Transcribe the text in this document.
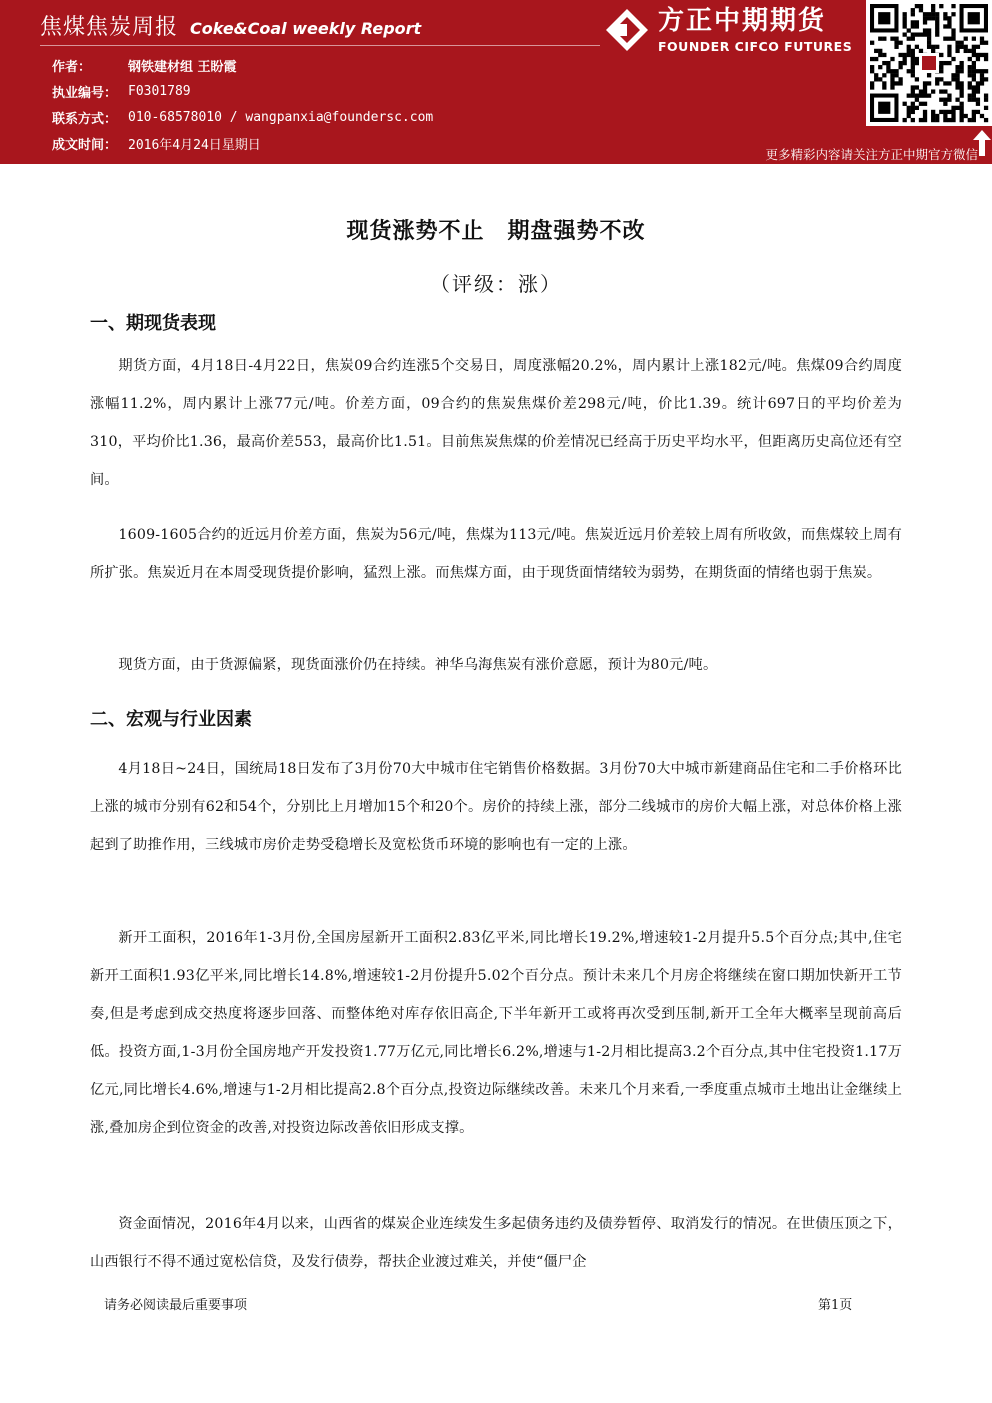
焦煤焦炭周报 Coke&Coal weekly Report
作者：	钢铁建材组 王盼霞
执业编号： F0301789
联系方式： 010-68578010 / wangpanxia@foundersc.com
成文时间： 2016年4月24日星期日
方正中期期货
FOUNDER CIFCO FUTURES
更多精彩内容请关注方正中期官方微信
现货涨势不止　期盘强势不改
（评级：涨）
一、期现货表现
期货方面，4月18日-4月22日，焦炭09合约连涨5个交易日，周度涨幅20.2%，周内累计上涨182元/吨。焦煤09合约周度涨幅11.2%，周内累计上涨77元/吨。价差方面，09合约的焦炭焦煤价差298元/吨，价比1.39。统计697日的平均价差为310，平均价比1.36，最高价差553，最高价比1.51。目前焦炭焦煤的价差情况已经高于历史平均水平，但距离历史高位还有空间。
1609-1605合约的近远月价差方面，焦炭为56元/吨，焦煤为113元/吨。焦炭近远月价差较上周有所收敛，而焦煤较上周有所扩张。焦炭近月在本周受现货提价影响，猛烈上涨。而焦煤方面，由于现货面情绪较为弱势，在期货面的情绪也弱于焦炭。
现货方面，由于货源偏紧，现货面涨价仍在持续。神华乌海焦炭有涨价意愿，预计为80元/吨。
二、宏观与行业因素
4月18日~24日，国统局18日发布了3月份70大中城市住宅销售价格数据。3月份70大中城市新建商品住宅和二手价格环比上涨的城市分别有62和54个，分别比上月增加15个和20个。房价的持续上涨，部分二线城市的房价大幅上涨，对总体价格上涨起到了助推作用，三线城市房价走势受稳增长及宽松货币环境的影响也有一定的上涨。
新开工面积，2016年1-3月份,全国房屋新开工面积2.83亿平米,同比增长19.2%,增速较1-2月提升5.5个百分点;其中,住宅新开工面积1.93亿平米,同比增长14.8%,增速较1-2月份提升5.02个百分点。预计未来几个月房企将继续在窗口期加快新开工节奏,但是考虑到成交热度将逐步回落、而整体绝对库存依旧高企,下半年新开工或将再次受到压制,新开工全年大概率呈现前高后低。投资方面,1-3月份全国房地产开发投资1.77万亿元,同比增长6.2%,增速与1-2月相比提高3.2个百分点,其中住宅投资1.17万亿元,同比增长4.6%,增速与1-2月相比提高2.8个百分点,投资边际继续改善。未来几个月来看,一季度重点城市土地出让金继续上涨,叠加房企到位资金的改善,对投资边际改善依旧形成支撑。
资金面情况，2016年4月以来，山西省的煤炭企业连续发生多起债务违约及债券暂停、取消发行的情况。在世债压顶之下，山西银行不得不通过宽松信贷，及发行债券，帮扶企业渡过难关，并使“僵尸企
请务必阅读最后重要事项	第1页
